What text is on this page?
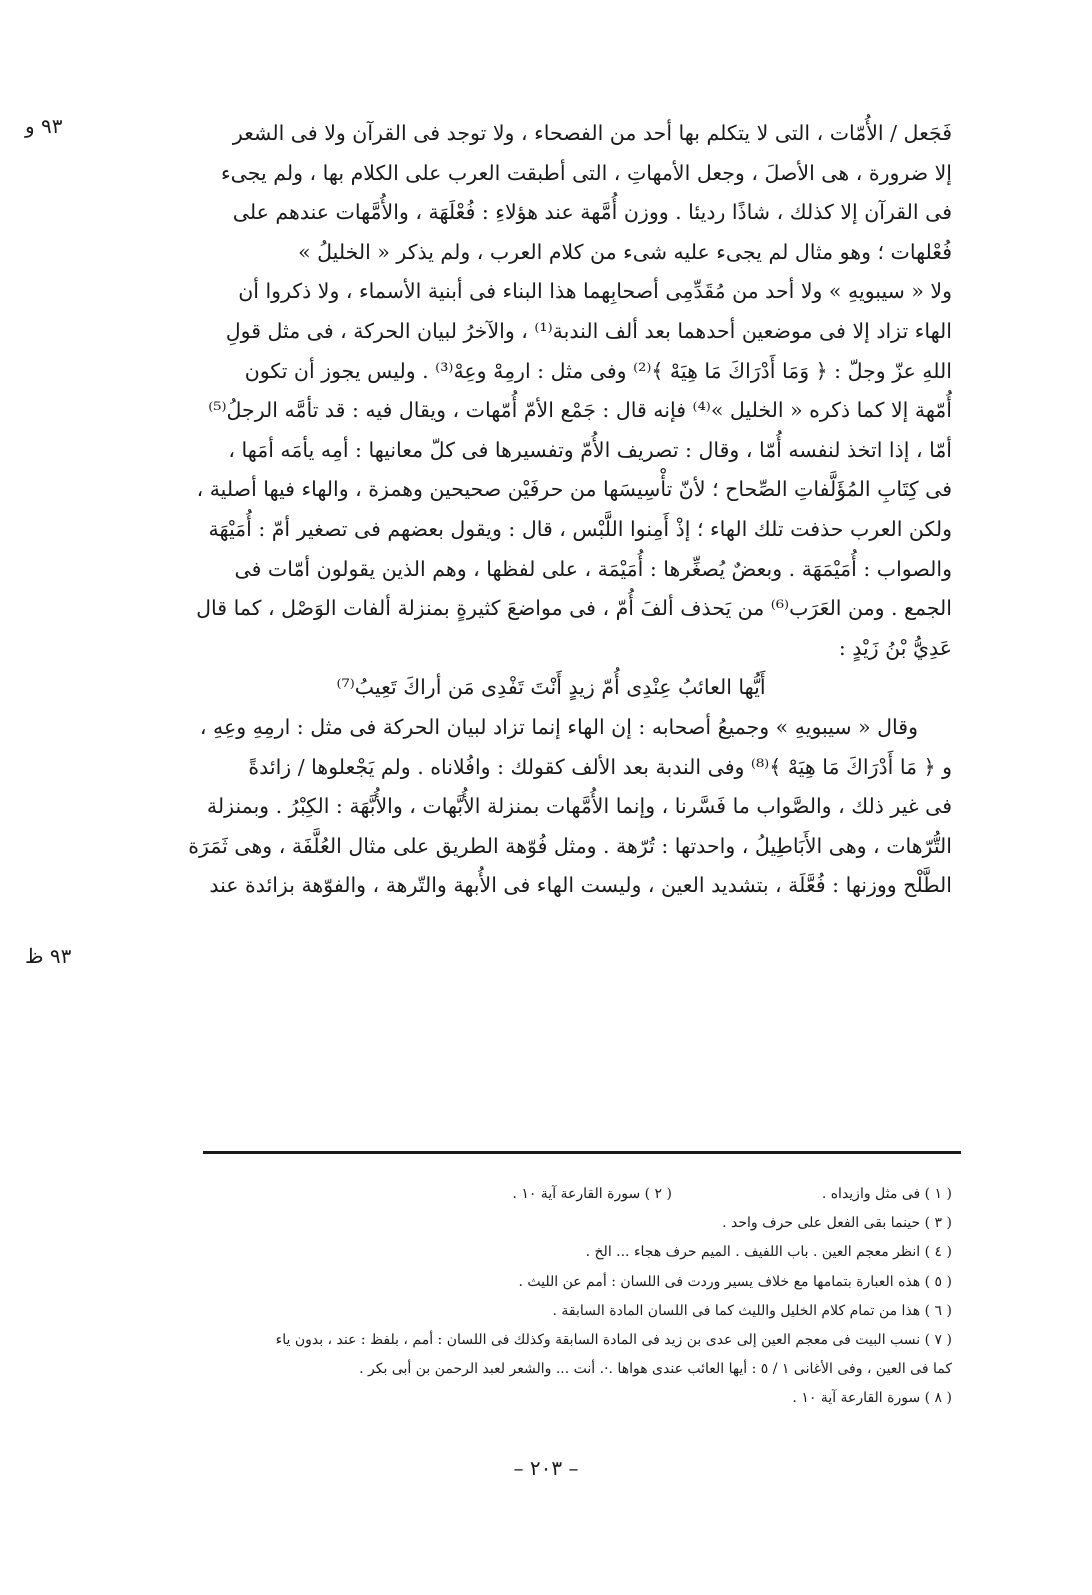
٩٣ و
٩٣ ظ
فَجَعل / الأُمّات ، التى لا يتكلم بها أحد من الفصحاء ، ولا توجد فى القرآن ولا فى الشعر
إلا ضرورة ، هى الأصلَ ، وجعل الأمهاتِ ، التى أطبقت العرب على الكلام بها ، ولم يجىء
فى القرآن إلا كذلك ، شاذًا رديئا . ووزن أُمَّهة عند هؤلاءِ : فُعْلَهَة ، والأُمَّهات عندهم على
فُعْلهات ؛ وهو مثال لم يجىء عليه شىء من كلام العرب ، ولم يذكر « الخليلُ »
ولا « سيبويهِ » ولا أحد من مُقَدِّمِى أصحابِهما هذا البناء فى أبنية الأسماء ، ولا ذكروا أن
الهاء تزاد إلا فى موضعين أحدهما بعد ألف الندبة⁽¹⁾ ، والآخرُ لبيان الحركة ، فى مثل قولِ
اللهِ عزّ وجلّ : ﴿ وَمَا أَدْرَاكَ مَا هِيَهْ ﴾⁽²⁾ وفى مثل : ارمِهْ وعِهْ⁽³⁾ . وليس يجوز أن تكون
أُمّهة إلا كما ذكره « الخليل »⁽⁴⁾ فإنه قال : جَمْع الأمّ أُمّهات ، ويقال فيه : قد تأمَّه الرجلُ⁽⁵⁾
أمّا ، إذا اتخذ لنفسه أُمّا ، وقال : تصريف الأُمّ وتفسيرها فى كلّ معانيها : أمِه يأمَه أمَها ،
فى كِتَابِ المُؤَلَّفاتِ الصِّحاح ؛ لأنّ تأْسِيسَها من حرفَيْن صحيحين وهمزة ، والهاء فيها أصلية ،
ولكن العرب حذفت تلك الهاء ؛ إذْ أَمِنوا اللَّبْس ، قال : ويقول بعضهم فى تصغير أمّ : أُمَيْهَة
والصواب : أُمَيْمَهَة . وبعضٌ يُصغِّرها : أُمَيْمَة ، على لفظها ، وهم الذين يقولون أمّات فى
الجمع . ومن العَرَب⁽⁶⁾ من يَحذف ألفَ أُمّ ، فى مواضعَ كثيرةٍ بمنزلة ألفات الوَصْل ، كما قال
عَدِيُّ بْنُ زَيْدٍ :
أَيُّها العائبُ عِنْدِى أُمّ زيدٍ أَنْتَ تَفْدِى مَن أراكَ تَعِيبُ⁽⁷⁾
وقال « سيبويهِ » وجميعُ أصحابه : إن الهاء إنما تزاد لبيان الحركة فى مثل : ارمِهِ وعِهِ ،
و ﴿ مَا أَدْرَاكَ مَا هِيَهْ ﴾⁽⁸⁾ وفى الندبة بعد الألف كقولك : وافُلاناه . ولم يَجْعلوها / زائدةً
فى غير ذلك ، والصَّواب ما فَسَّرنا ، وإنما الأُمَّهات بمنزلة الأُبَّهات ، والأُبَّهَة : الكِبْرُ . وبمنزلة
التُّرّهات ، وهى الأَبَاطِيلُ ، واحدتها : تُرّهة . ومثل فُوّهة الطريق على مثال العُلَّفَة ، وهى ثَمَرَة
الطَّلْح ووزنها : فُعَّلَة ، بتشديد العين ، وليست الهاء فى الأُبهة والتّرهة ، والفوّهة بزائدة عند
( ١ ) فى مثل وازيداه .
( ٢ ) سورة القارعة آية ١٠ .
( ٣ ) حينما بقى الفعل على حرف واحد .
( ٤ ) انظر معجم العين . باب اللفيف . الميم حرف هجاء ... الخ .
( ٥ ) هذه العبارة بتمامها مع خلاف يسير وردت فى اللسان : أمم عن الليث .
( ٦ ) هذا من تمام كلام الخليل والليث كما فى اللسان المادة السابقة .
( ٧ ) نسب البيت فى معجم العين إلى عدى بن زيد فى المادة السابقة وكذلك فى اللسان : أمم ، بلفظ : عند ، بدون ياء
كما فى العين ، وفى الأغانى ١ / ٥ : أيها العائب عندى هواها .·. أنت ... والشعر لعبد الرحمن بن أبى بكر .
( ٨ ) سورة القارعة آية ١٠ .
– ٢٠٣ –
